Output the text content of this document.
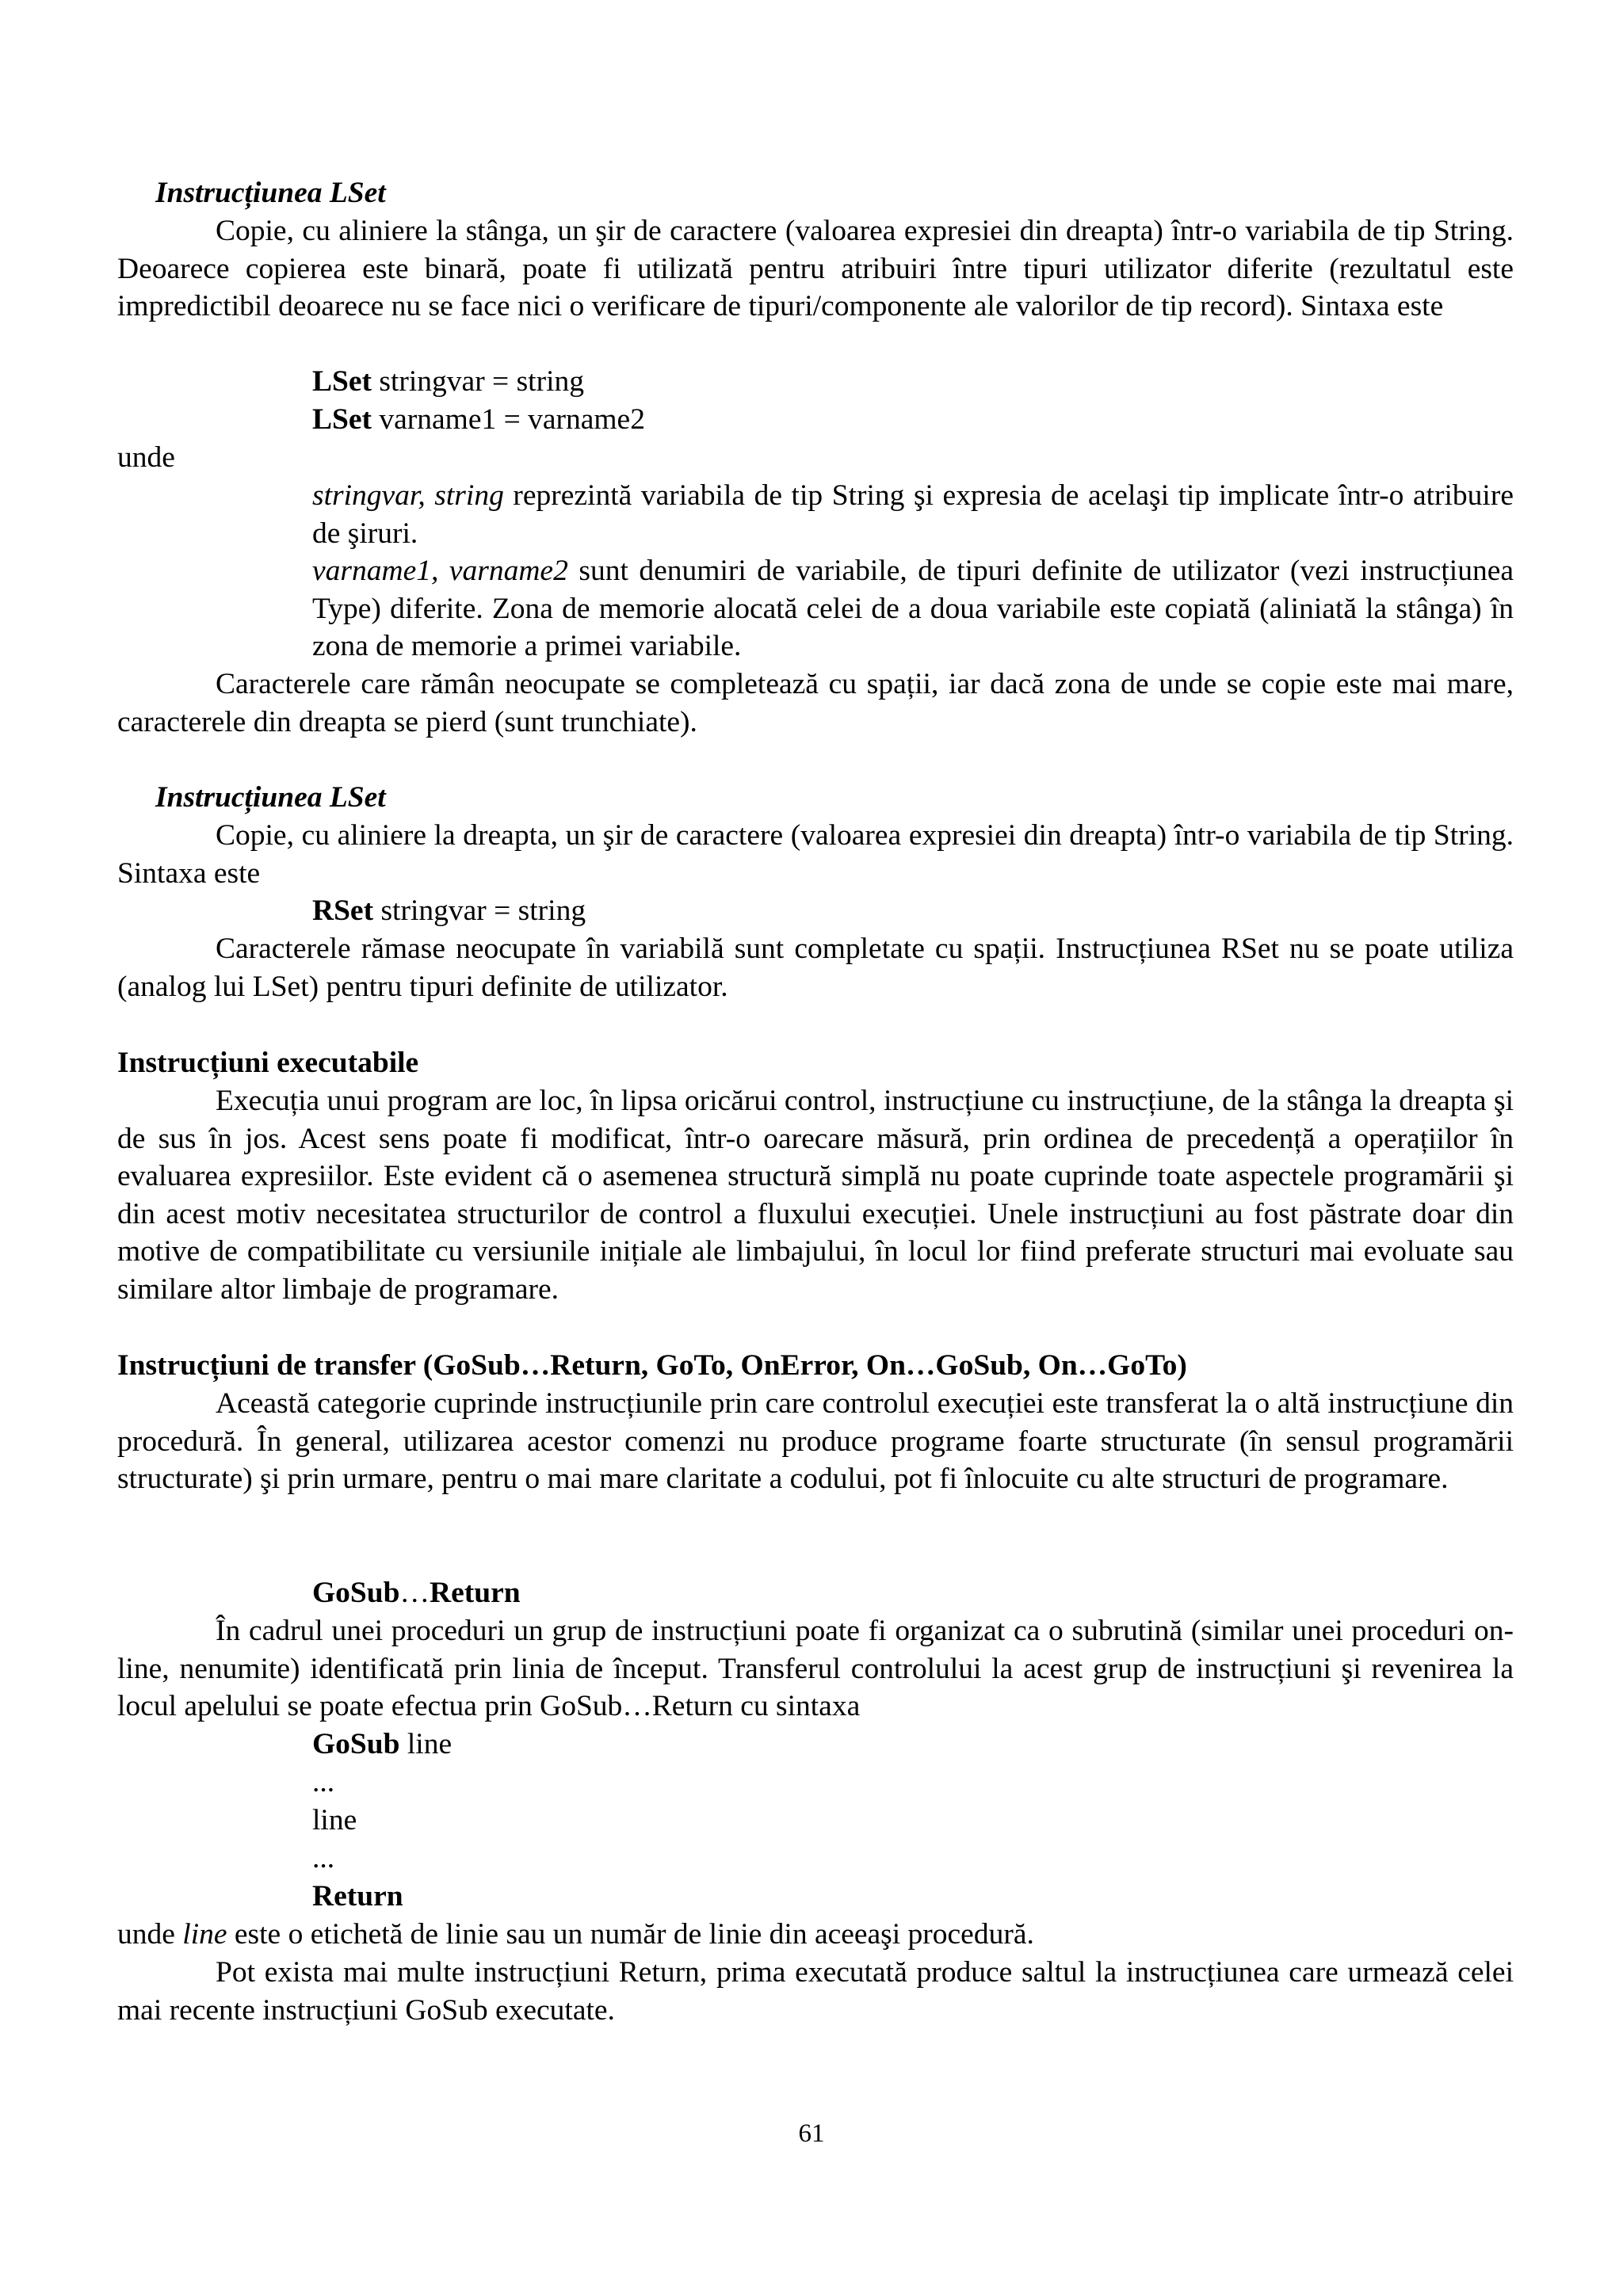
Instrucțiunea LSet
Copie, cu aliniere la stânga, un şir de caractere (valoarea expresiei din dreapta) într-o variabila de tip String. Deoarece copierea este binară, poate fi utilizată pentru atribuiri între tipuri utilizator diferite (rezultatul este impredictibil deoarece nu se face nici o verificare de tipuri/componente ale valorilor de tip record). Sintaxa este
LSet stringvar = string
LSet varname1 = varname2
unde
stringvar, string reprezintă variabila de tip String şi expresia de acelaşi tip implicate într-o atribuire de şiruri.
varname1, varname2 sunt denumiri de variabile, de tipuri definite de utilizator (vezi instrucțiunea Type) diferite. Zona de memorie alocată celei de a doua variabile este copiată (aliniată la stânga) în zona de memorie a primei variabile.
Caracterele care rămân neocupate se completează cu spații, iar dacă zona de unde se copie este mai mare, caracterele din dreapta se pierd (sunt trunchiate).
Instrucțiunea LSet
Copie, cu aliniere la dreapta, un şir de caractere (valoarea expresiei din dreapta) într-o variabila de tip String. Sintaxa este
RSet stringvar = string
Caracterele rămase neocupate în variabilă sunt completate cu spații. Instrucțiunea RSet nu se poate utiliza (analog lui LSet) pentru tipuri definite de utilizator.
Instrucțiuni executabile
Execuția unui program are loc, în lipsa oricărui control, instrucțiune cu instrucțiune, de la stânga la dreapta şi de sus în jos. Acest sens poate fi modificat, într-o oarecare măsură, prin ordinea de precedență a operațiilor în evaluarea expresiilor. Este evident că o asemenea structură simplă nu poate cuprinde toate aspectele programării şi din acest motiv necesitatea structurilor de control a fluxului execuției. Unele instrucțiuni au fost păstrate doar din motive de compatibilitate cu versiunile inițiale ale limbajului, în locul lor fiind preferate structuri mai evoluate sau similare altor limbaje de programare.
Instrucțiuni de transfer (GoSub…Return, GoTo, OnError, On…GoSub, On…GoTo)
Această categorie cuprinde instrucțiunile prin care controlul execuției este transferat la o altă instrucțiune din procedură. În general, utilizarea acestor comenzi nu produce programe foarte structurate (în sensul programării structurate) şi prin urmare, pentru o mai mare claritate a codului, pot fi înlocuite cu alte structuri de programare.
GoSub…Return
În cadrul unei proceduri un grup de instrucțiuni poate fi organizat ca o subrutină (similar unei proceduri on-line, nenumite) identificată prin linia de început. Transferul controlului la acest grup de instrucțiuni şi revenirea la locul apelului se poate efectua prin GoSub…Return cu sintaxa
GoSub line
...
line
...
Return
unde line este o etichetă de linie sau un număr de linie din aceeaşi procedură.
Pot exista mai multe instrucțiuni Return, prima executată produce saltul la instrucțiunea care urmează celei mai recente instrucțiuni GoSub executate.
61
